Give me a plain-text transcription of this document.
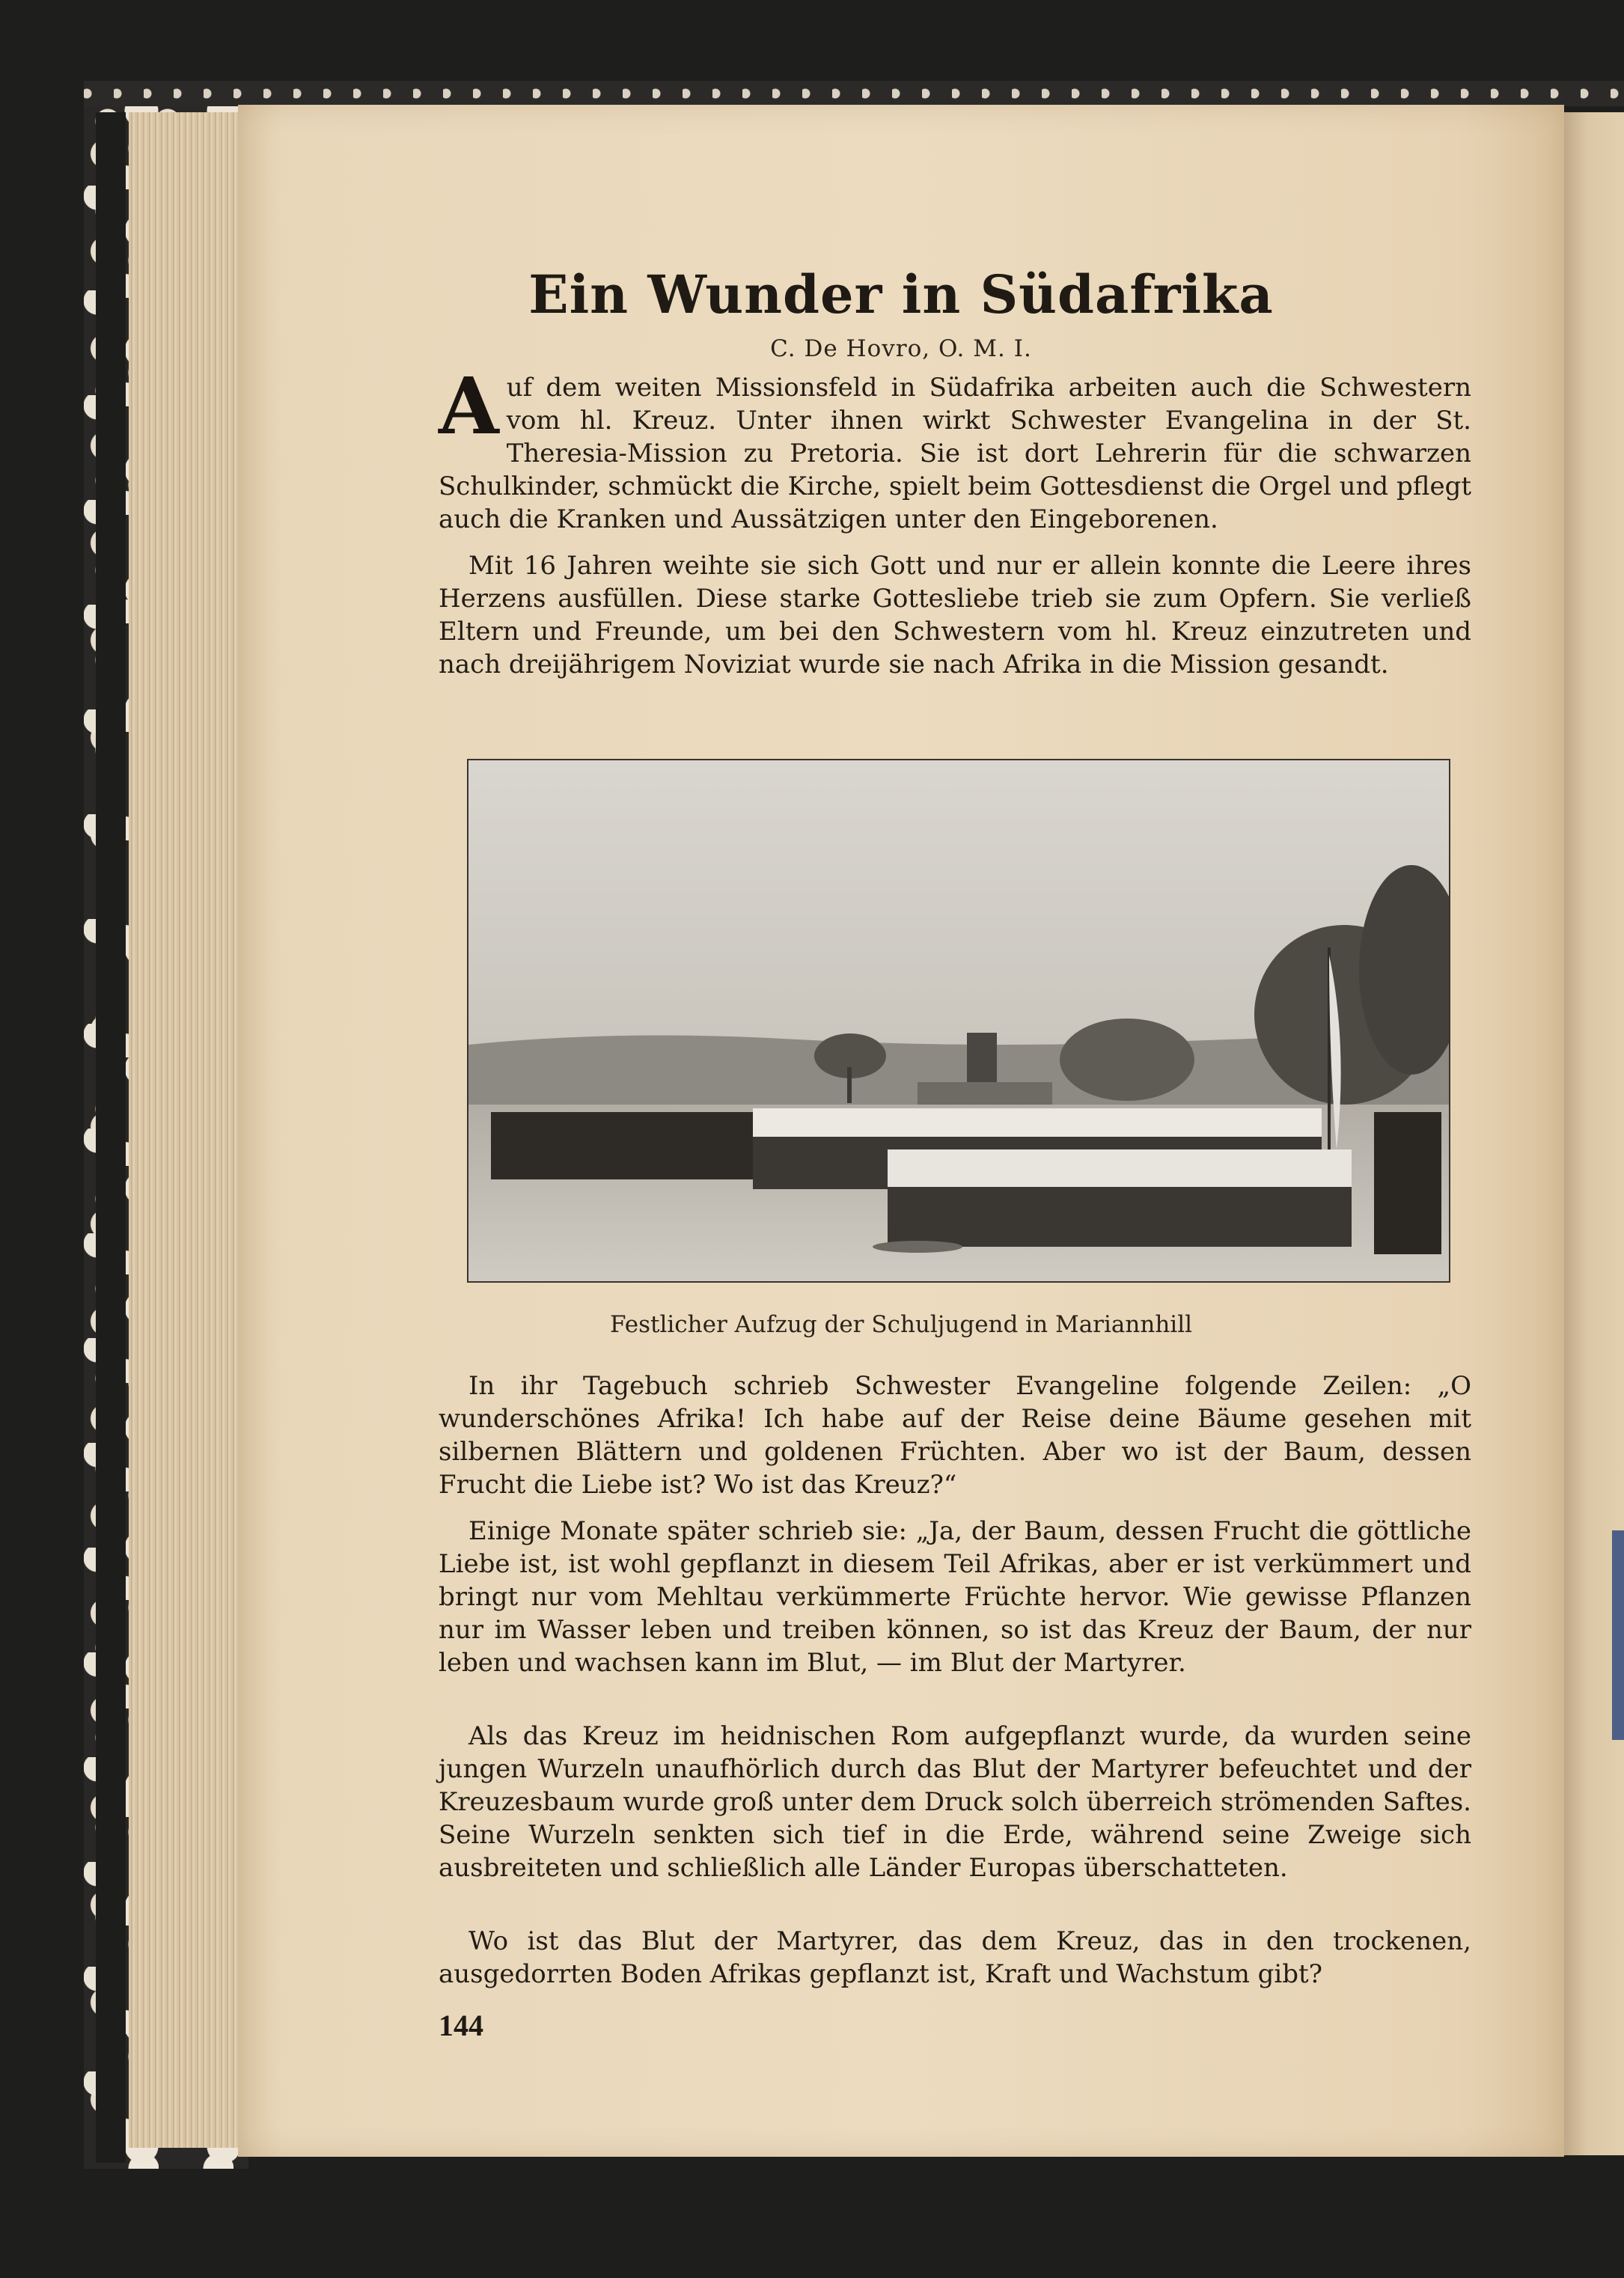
Ein Wunder in Südafrika
C. De Hovro, O. M. I.

Auf dem weiten Missionsfeld in Südafrika arbeiten auch die Schwestern vom hl. Kreuz. Unter ihnen wirkt Schwester Evangelina in der St. Theresia-Mission zu Pretoria. Sie ist dort Lehrerin für die schwarzen Schulkinder, schmückt die Kirche, spielt beim Gottesdienst die Orgel und pflegt auch die Kranken und Aussätzigen unter den Eingeborenen.

Mit 16 Jahren weihte sie sich Gott und nur er allein konnte die Leere ihres Herzens ausfüllen. Diese starke Gottesliebe trieb sie zum Opfern. Sie verließ Eltern und Freunde, um bei den Schwestern vom hl. Kreuz einzutreten und nach dreijährigem Noviziat wurde sie nach Afrika in die Mission gesandt.

Festlicher Aufzug der Schuljugend in Mariannhill

In ihr Tagebuch schrieb Schwester Evangeline folgende Zeilen: „O wunderschönes Afrika! Ich habe auf der Reise deine Bäume gesehen mit silbernen Blättern und goldenen Früchten. Aber wo ist der Baum, dessen Frucht die Liebe ist? Wo ist das Kreuz?“

Einige Monate später schrieb sie: „Ja, der Baum, dessen Frucht die göttliche Liebe ist, ist wohl gepflanzt in diesem Teil Afrikas, aber er ist verkümmert und bringt nur vom Mehltau verkümmerte Früchte hervor. Wie gewisse Pflanzen nur im Wasser leben und treiben können, so ist das Kreuz der Baum, der nur leben und wachsen kann im Blut, — im Blut der Martyrer.

Als das Kreuz im heidnischen Rom aufgepflanzt wurde, da wurden seine jungen Wurzeln unaufhörlich durch das Blut der Martyrer befeuchtet und der Kreuzesbaum wurde groß unter dem Druck solch überreich strömenden Saftes. Seine Wurzeln senkten sich tief in die Erde, während seine Zweige sich ausbreiteten und schließlich alle Länder Europas überschatteten.

Wo ist das Blut der Martyrer, das dem Kreuz, das in den trockenen, ausgedorrten Boden Afrikas gepflanzt ist, Kraft und Wachstum gibt?

144
